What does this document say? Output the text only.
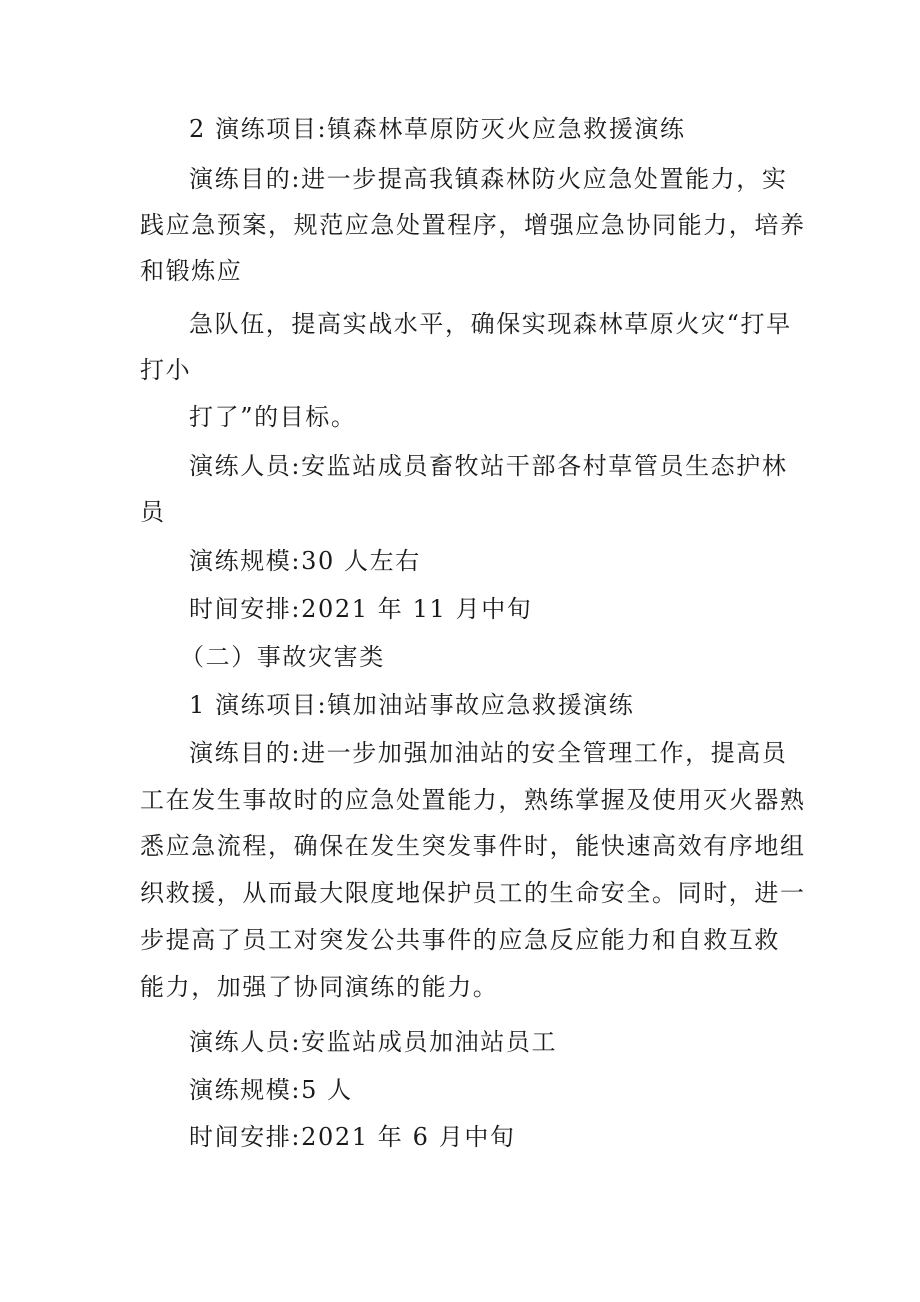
2 演练项目:镇森林草原防灭火应急救援演练
演练目的:进一步提高我镇森林防火应急处置能力，实
践应急预案，规范应急处置程序，增强应急协同能力，培养
和锻炼应
急队伍，提高实战水平，确保实现森林草原火灾“打早
打小
打了”的目标。
演练人员:安监站成员畜牧站干部各村草管员生态护林
员
演练规模:30 人左右
时间安排:2021 年 11 月中旬
（二）事故灾害类
1 演练项目:镇加油站事故应急救援演练
演练目的:进一步加强加油站的安全管理工作，提高员
工在发生事故时的应急处置能力，熟练掌握及使用灭火器熟
悉应急流程，确保在发生突发事件时，能快速高效有序地组
织救援，从而最大限度地保护员工的生命安全。同时，进一
步提高了员工对突发公共事件的应急反应能力和自救互救
能力，加强了协同演练的能力。
演练人员:安监站成员加油站员工
演练规模:5 人
时间安排:2021 年 6 月中旬
